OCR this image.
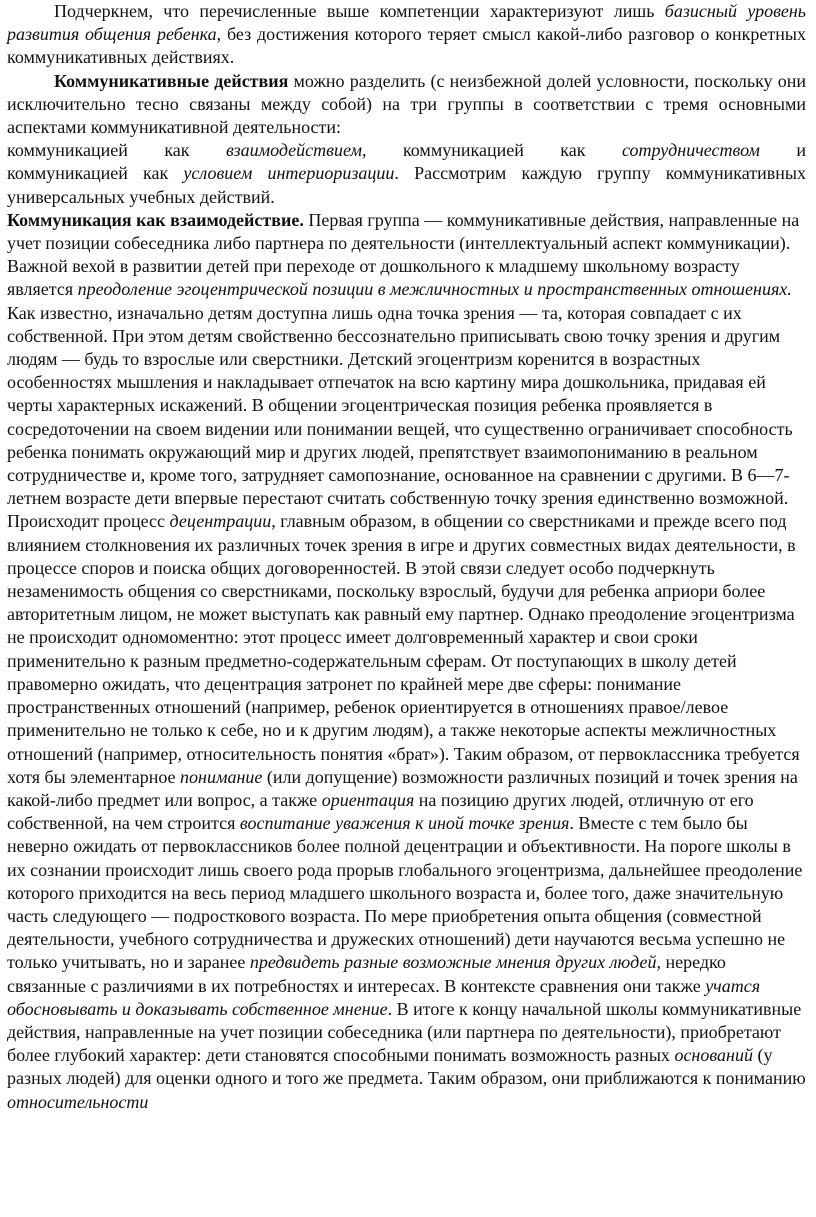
Подчеркнем, что перечисленные выше компетенции характеризуют лишь базисный уровень развития общения ребенка, без достижения которого теряет смысл какой-либо разговор о конкретных коммуникативных действиях.

Коммуникативные действия можно разделить (с неизбежной долей условности, поскольку они исключительно тесно связаны между собой) на три группы в соответствии с тремя основными аспектами коммуникативной деятельности:

коммуникацией как взаимодействием, коммуникацией как сотрудничеством и

коммуникацией как условием интериоризации. Рассмотрим каждую группу коммуникативных универсальных учебных действий.

Коммуникация как взаимодействие. Первая группа — коммуникативные действия, направленные на учет позиции собеседника либо партнера по деятельности (интеллектуальный аспект коммуникации). Важной вехой в развитии детей при переходе от дошкольного к младшему школьному возрасту является преодоление эгоцентрической позиции в межличностных и пространственных отношениях. Как известно, изначально детям доступна лишь одна точка зрения — та, которая совпадает с их собственной. При этом детям свойственно бессознательно приписывать свою точку зрения и другим людям — будь то взрослые или сверстники. Детский эгоцентризм коренится в возрастных особенностях мышления и накладывает отпечаток на всю картину мира дошкольника, придавая ей черты характерных искажений. В общении эгоцентрическая позиция ребенка проявляется в сосредоточении на своем видении или понимании вещей, что существенно ограничивает способность ребенка понимать окружающий мир и других людей, препятствует взаимопониманию в реальном сотрудничестве и, кроме того, затрудняет самопознание, основанное на сравнении с другими. В 6—7-летнем возрасте дети впервые перестают считать собственную точку зрения единственно возможной. Происходит процесс децентрации, главным образом, в общении со сверстниками и прежде всего под влиянием столкновения их различных точек зрения в игре и других совместных видах деятельности, в процессе споров и поиска общих договоренностей. В этой связи следует особо подчеркнуть незаменимость общения со сверстниками, поскольку взрослый, будучи для ребенка априори более авторитетным лицом, не может выступать как равный ему партнер. Однако преодоление эгоцентризма не происходит одномоментно: этот процесс имеет долговременный характер и свои сроки применительно к разным предметно-содержательным сферам. От поступающих в школу детей правомерно ожидать, что децентрация затронет по крайней мере две сферы: понимание пространственных отношений (например, ребенок ориентируется в отношениях правое/левое применительно не только к себе, но и к другим людям), а также некоторые аспекты межличностных отношений (например, относительность понятия «брат»). Таким образом, от первоклассника требуется хотя бы элементарное понимание (или допущение) возможности различных позиций и точек зрения на какой-либо предмет или вопрос, а также ориентация на позицию других людей, отличную от его собственной, на чем строится воспитание уважения к иной точке зрения. Вместе с тем было бы неверно ожидать от первоклассников более полной децентрации и объективности. На пороге школы в их сознании происходит лишь своего рода прорыв глобального эгоцентризма, дальнейшее преодоление которого приходится на весь период младшего школьного возраста и, более того, даже значительную часть следующего — подросткового возраста. По мере приобретения опыта общения (совместной деятельности, учебного сотрудничества и дружеских отношений) дети научаются весьма успешно не только учитывать, но и заранее предвидеть разные возможные мнения других людей, нередко связанные с различиями в их потребностях и интересах. В контексте сравнения они также учатся обосновывать и доказывать собственное мнение. В итоге к концу начальной школы коммуникативные действия, направленные на учет позиции собеседника (или партнера по деятельности), приобретают более глубокий характер: дети становятся способными понимать возможность разных оснований (у разных людей) для оценки одного и того же предмета. Таким образом, они приближаются к пониманию относительности
